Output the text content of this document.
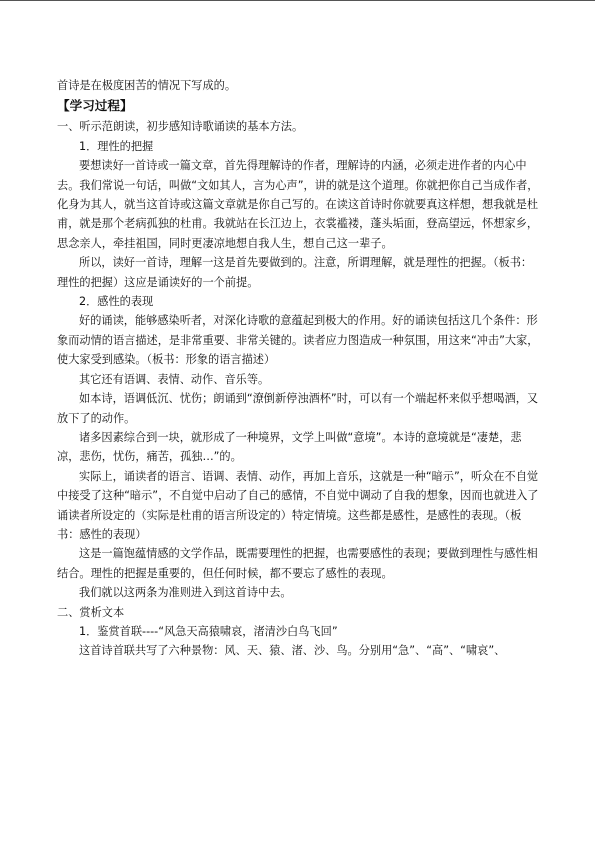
首诗是在极度困苦的情况下写成的。

【学习过程】

一、听示范朗读，初步感知诗歌诵读的基本方法。

1．理性的把握

要想读好一首诗或一篇文章，首先得理解诗的作者，理解诗的内涵，必须走进作者的内心中去。我们常说一句话，叫做“文如其人，言为心声”，讲的就是这个道理。你就把你自己当成作者，化身为其人，就当这首诗或这篇文章就是你自己写的。在读这首诗时你就要真这样想，想我就是杜甫，就是那个老病孤独的杜甫。我就站在长江边上，衣裳褴褛，蓬头垢面，登高望远，怀想家乡，思念亲人，牵挂祖国，同时更凄凉地想自我人生，想自己这一辈子。

所以，读好一首诗，理解一这是首先要做到的。注意，所谓理解，就是理性的把握。（板书：理性的把握）这应是诵读好的一个前提。

2．感性的表现

好的诵读，能够感染听者，对深化诗歌的意蕴起到极大的作用。好的诵读包括这几个条件：形象而动情的语言描述，是非常重要、非常关键的。读者应力图造成一种氛围，用这来“冲击”大家，使大家受到感染。（板书：形象的语言描述）

其它还有语调、表情、动作、音乐等。

如本诗，语调低沉、忧伤；朗诵到“潦倒新停浊酒杯”时，可以有一个端起杯来似乎想喝酒，又放下了的动作。

诸多因素综合到一块，就形成了一种境界，文学上叫做“意境”。本诗的意境就是“凄楚，悲凉，悲伤，忧伤，痛苦，孤独…”的。

实际上，诵读者的语言、语调、表情、动作，再加上音乐，这就是一种“暗示”，听众在不自觉中接受了这种“暗示”，不自觉中启动了自己的感情，不自觉中调动了自我的想象，因而也就进入了诵读者所设定的（实际是杜甫的语言所设定的）特定情境。这些都是感性，是感性的表现。（板书：感性的表现）

这是一篇饱蕴情感的文学作品，既需要理性的把握，也需要感性的表现；要做到理性与感性相结合。理性的把握是重要的，但任何时候，都不要忘了感性的表现。

我们就以这两条为准则进入到这首诗中去。

二、赏析文本

1．鉴赏首联----“风急天高猿啸哀，渚清沙白鸟飞回”

这首诗首联共写了六种景物：风、天、猿、渚、沙、鸟。分别用“急”、“高”、“啸哀”、
